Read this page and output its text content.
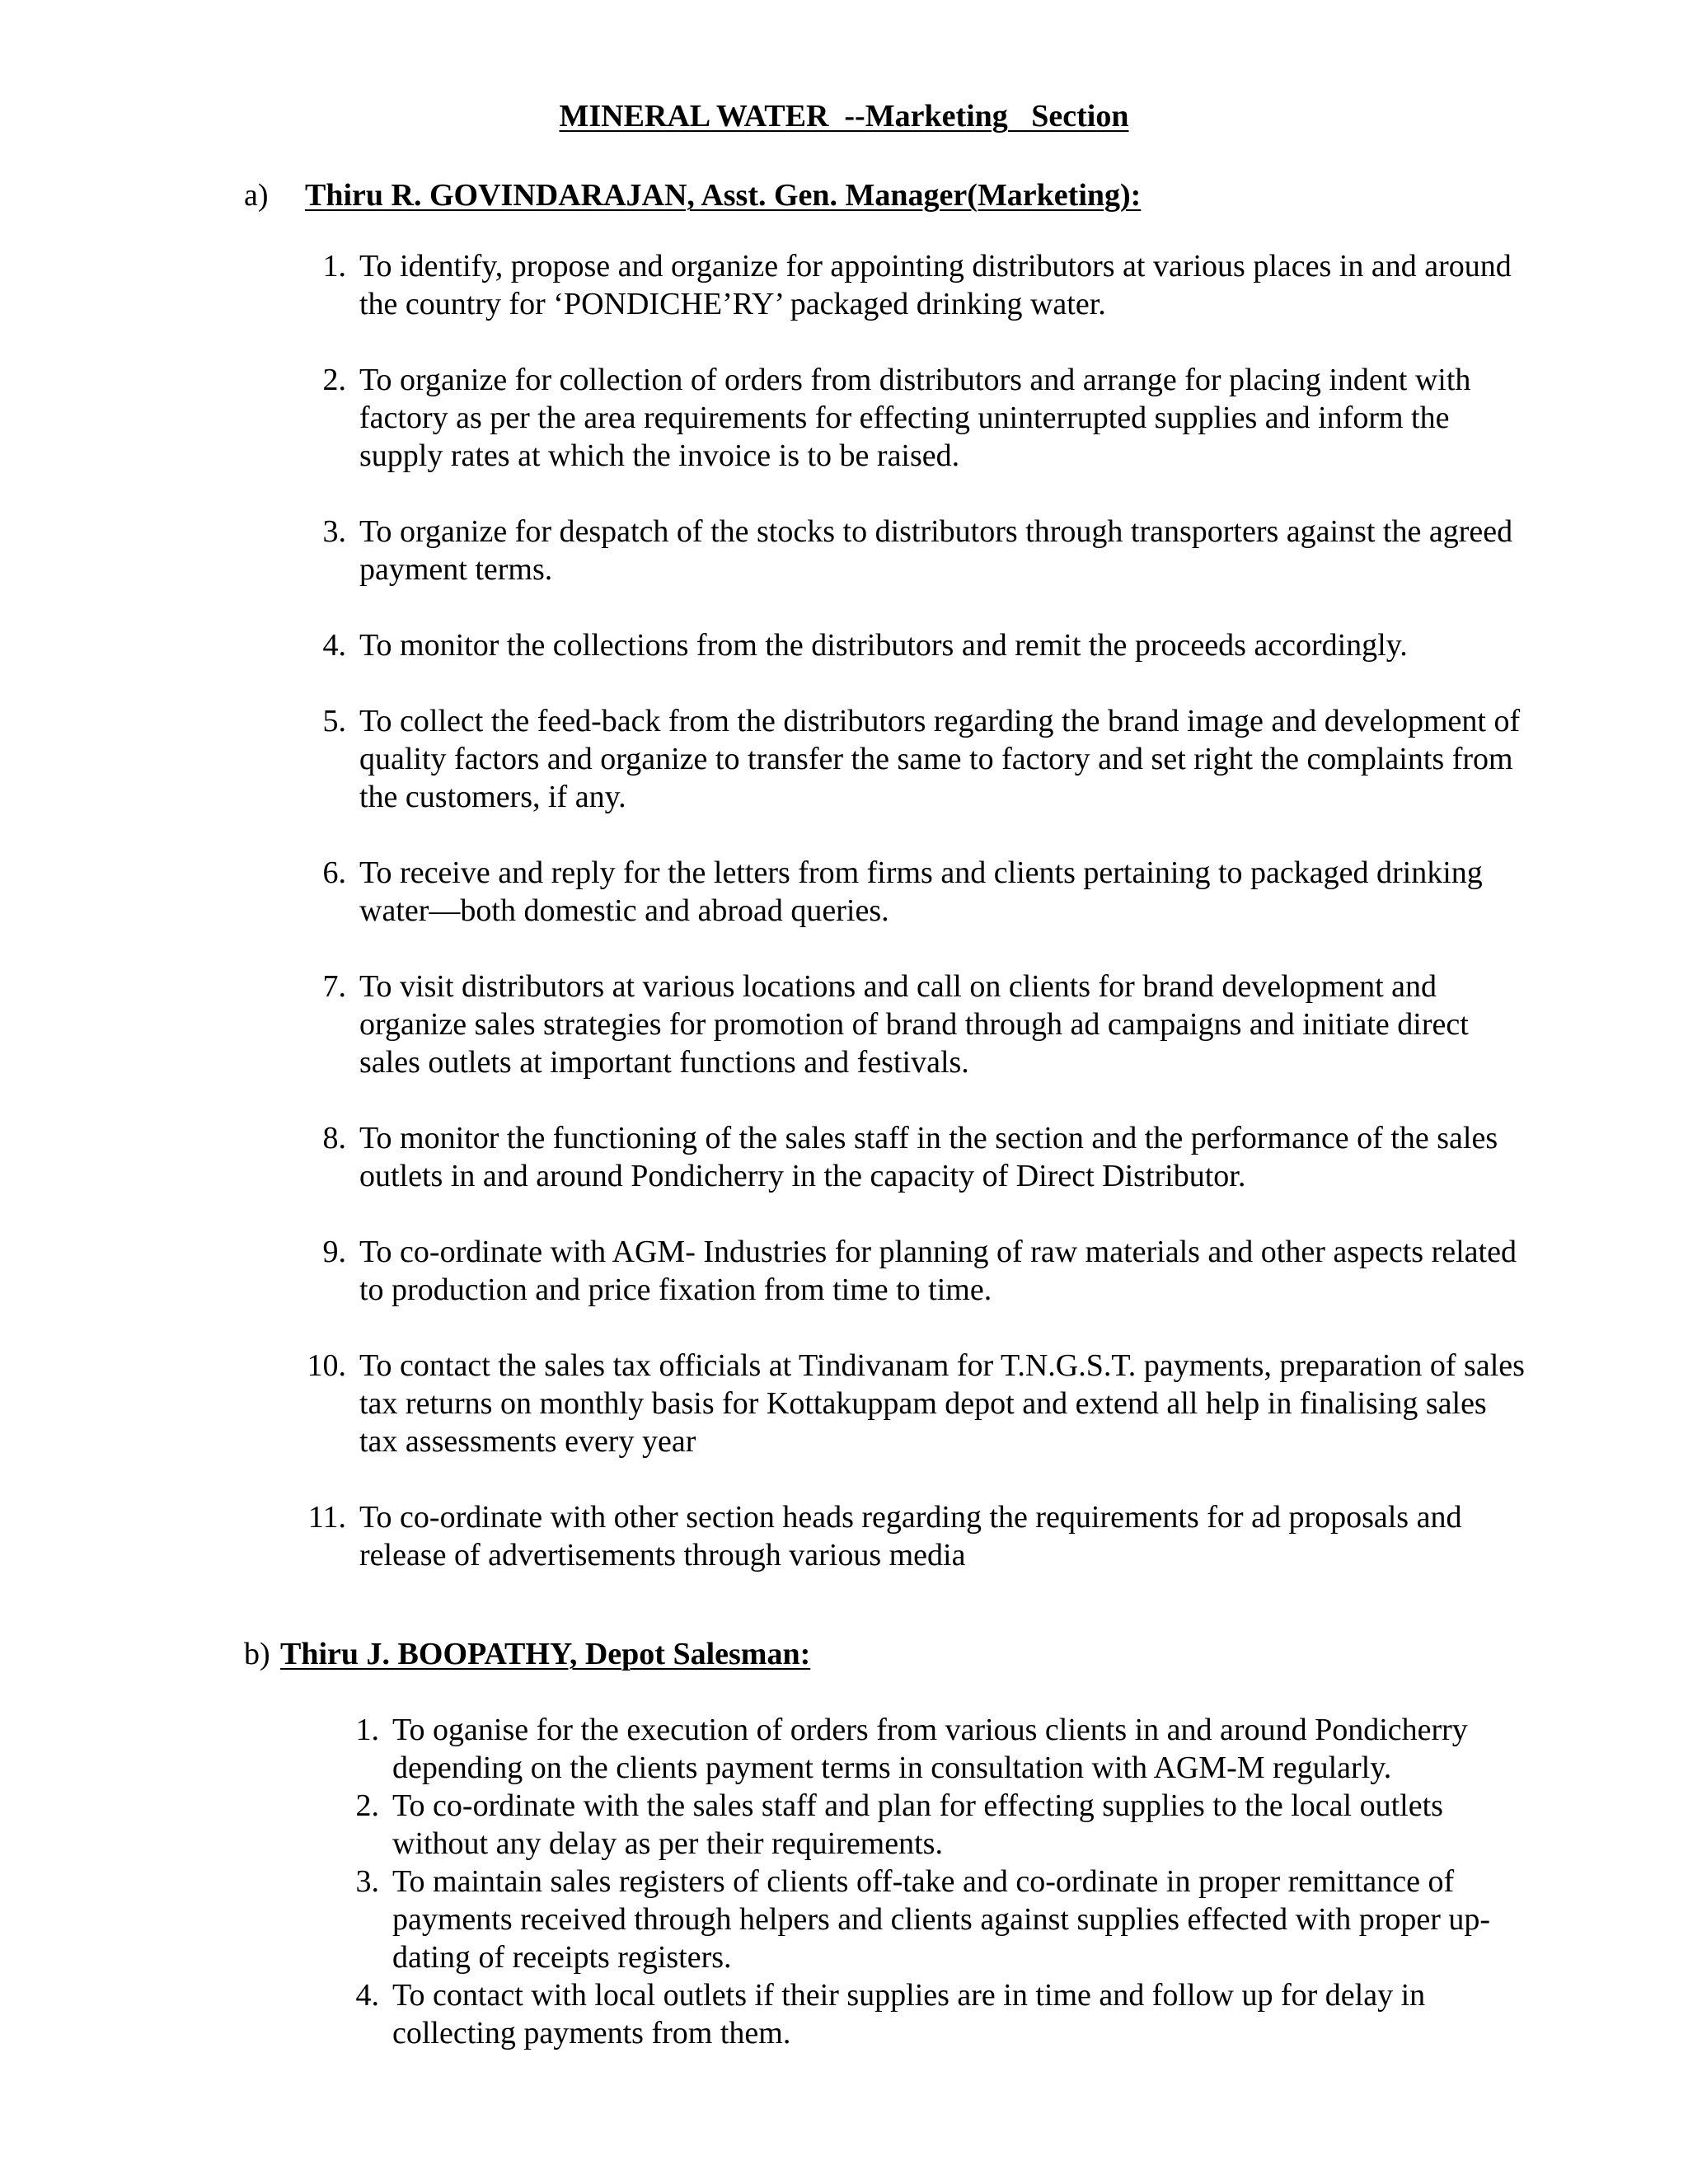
MINERAL WATER  --Marketing   Section
a) Thiru R. GOVINDARAJAN, Asst. Gen. Manager(Marketing):
1. To identify, propose and organize for appointing distributors at various places in and around the country for ‘PONDICHE’RY’ packaged drinking water.
2. To organize for collection of orders from distributors and arrange for placing indent with factory as per the area requirements for effecting uninterrupted supplies and inform the supply rates at which the invoice is to be raised.
3. To organize for despatch of the stocks to distributors through transporters against the agreed payment terms.
4. To monitor the collections from the distributors and remit the proceeds accordingly.
5. To collect the feed-back from the distributors regarding the brand image and development of quality factors and organize to transfer the same to factory and set right the complaints from the customers, if any.
6. To receive and reply for the letters from firms and clients pertaining to packaged drinking water—both domestic and abroad queries.
7. To visit distributors at various locations and call on clients for brand development and organize sales strategies for promotion of brand through ad campaigns and initiate direct sales outlets at important functions and festivals.
8. To monitor the functioning of the sales staff in the section and the performance of the sales outlets in and around Pondicherry in the capacity of Direct Distributor.
9. To co-ordinate with AGM- Industries for planning of raw materials and other aspects related to production and price fixation from time to time.
10. To contact the sales tax officials at Tindivanam for T.N.G.S.T. payments, preparation of sales tax returns on monthly basis for Kottakuppam depot and extend all help in finalising sales tax assessments every year
11. To co-ordinate with other section heads regarding the requirements for ad proposals and release of advertisements through various media
b) Thiru J. BOOPATHY, Depot Salesman:
1. To oganise for the execution of orders from various clients in and around Pondicherry depending on the clients payment terms in consultation with AGM-M regularly.
2. To co-ordinate with the sales staff and plan for effecting supplies to the local outlets without any delay as per their requirements.
3. To maintain sales registers of clients off-take and co-ordinate in proper remittance of payments received through helpers and clients against supplies effected with proper up-dating of receipts registers.
4. To contact with local outlets if their supplies are in time and follow up for delay in collecting payments from them.
